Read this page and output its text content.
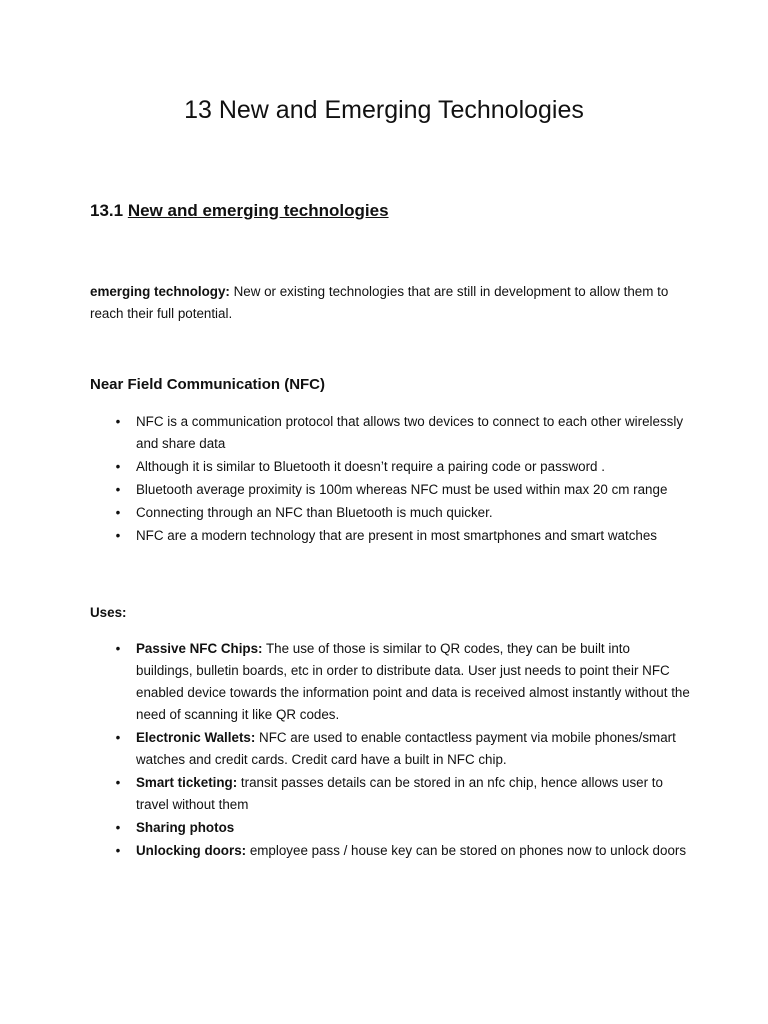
13 New and Emerging Technologies
13.1 New and emerging technologies

emerging technology: New or existing technologies that are still in development to allow them to reach their full potential.

Near Field Communication (NFC)
• NFC is a communication protocol that allows two devices to connect to each other wirelessly and share data
• Although it is similar to Bluetooth it doesn’t require a pairing code or password .
• Bluetooth average proximity is 100m whereas NFC must be used within max 20 cm range
• Connecting through an NFC than Bluetooth is much quicker.
• NFC are a modern technology that are present in most smartphones and smart watches

Uses:

• Passive NFC Chips: The use of those is similar to QR codes, they can be built into buildings, bulletin boards, etc in order to distribute data. User just needs to point their NFC enabled device towards the information point and data is received almost instantly without the need of scanning it like QR codes.
• Electronic Wallets: NFC are used to enable contactless payment via mobile phones/smart watches and credit cards. Credit card have a built in NFC chip.
• Smart ticketing: transit passes details can be stored in an nfc chip, hence allows user to travel without them
• Sharing photos
• Unlocking doors: employee pass / house key can be stored on phones now to unlock doors
